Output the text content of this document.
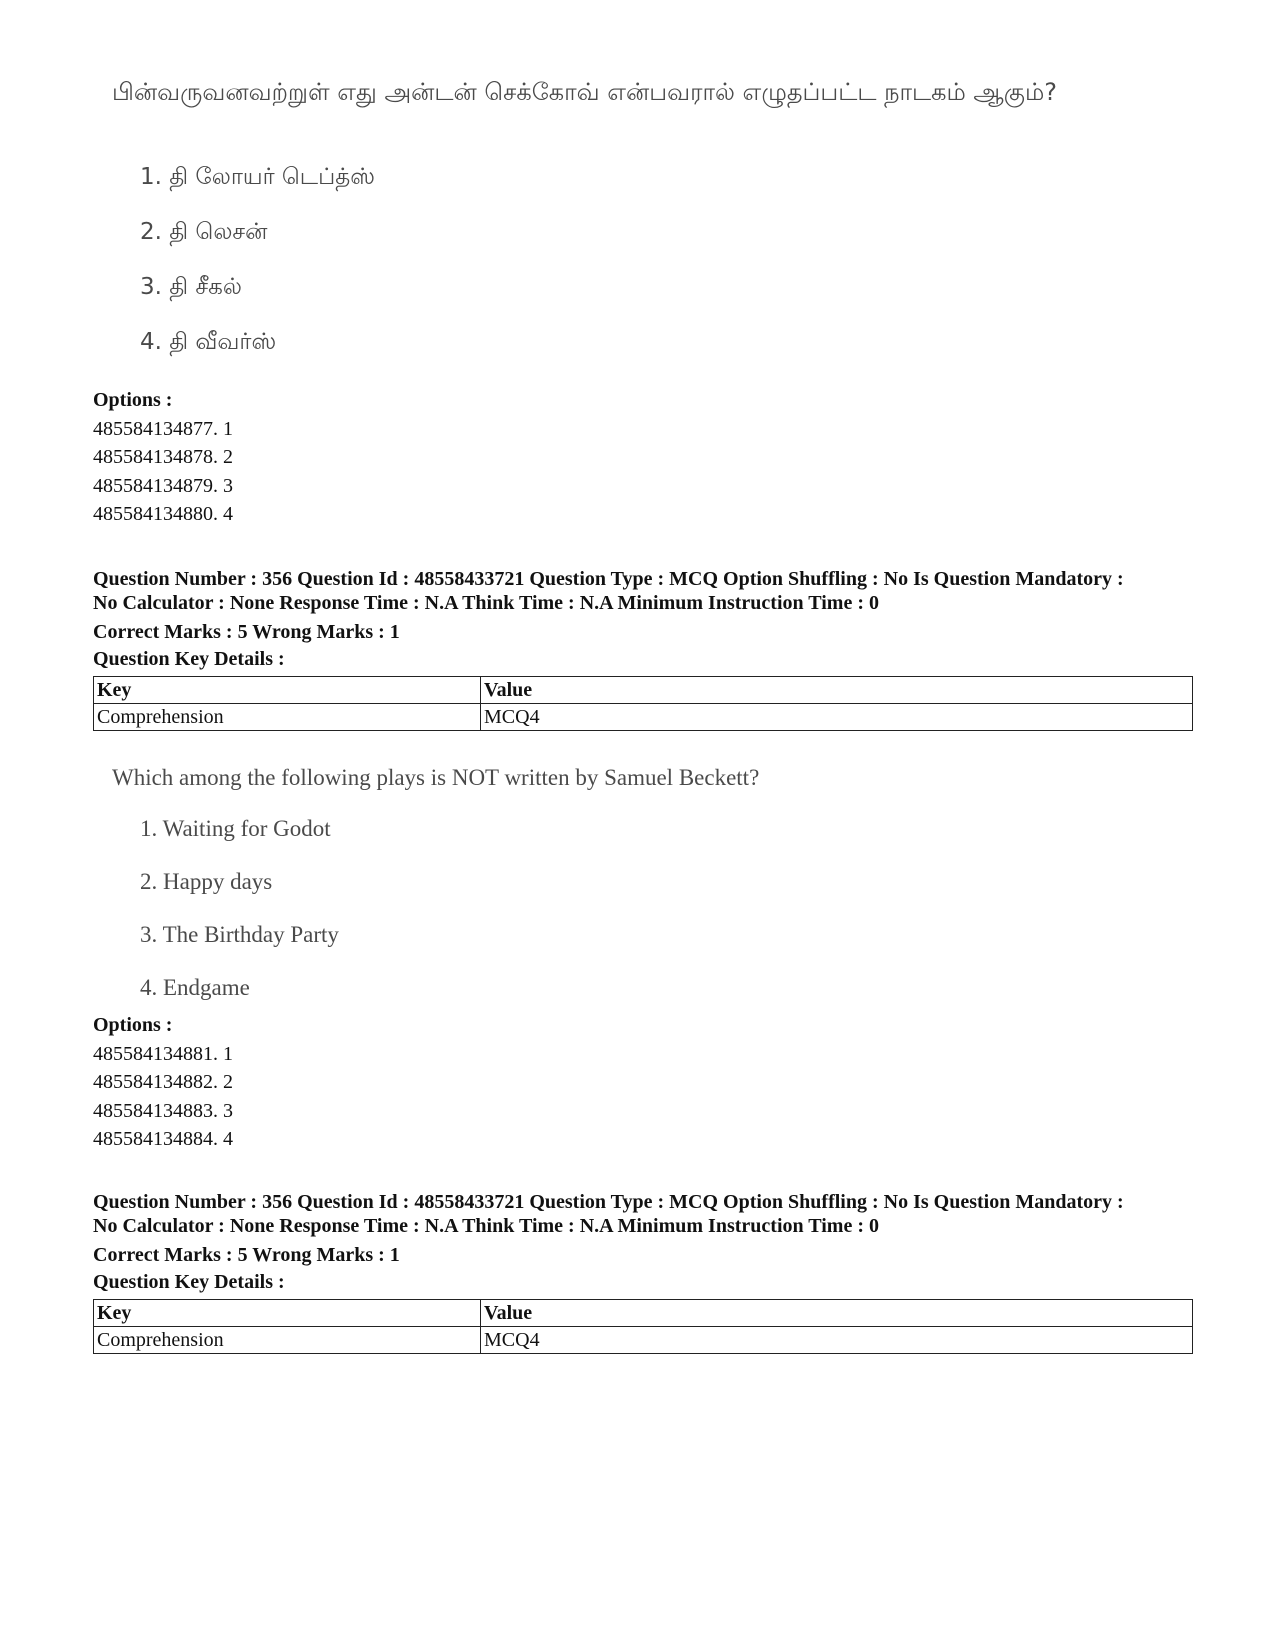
பின்வருவனவற்றுள் எது அன்டன் செக்கோவ் என்பவரால் எழுதப்பட்ட நாடகம் ஆகும்?

1. தி லோயர் டெப்த்ஸ்
2. தி லெசன்
3. தி சீகல்
4. தி வீவர்ஸ்
Options :
485584134877. 1
485584134878. 2
485584134879. 3
485584134880. 4
Question Number : 356 Question Id : 48558433721 Question Type : MCQ Option Shuffling : No Is Question Mandatory :
No Calculator : None Response Time : N.A Think Time : N.A Minimum Instruction Time : 0
Correct Marks : 5 Wrong Marks : 1
Question Key Details :
Key	Value
Comprehension	MCQ4

Which among the following plays is NOT written by Samuel Beckett?

1. Waiting for Godot
2. Happy days
3. The Birthday Party
4. Endgame
Options :
485584134881. 1
485584134882. 2
485584134883. 3
485584134884. 4
Question Number : 356 Question Id : 48558433721 Question Type : MCQ Option Shuffling : No Is Question Mandatory :
No Calculator : None Response Time : N.A Think Time : N.A Minimum Instruction Time : 0
Correct Marks : 5 Wrong Marks : 1
Question Key Details :
Key	Value
Comprehension	MCQ4
